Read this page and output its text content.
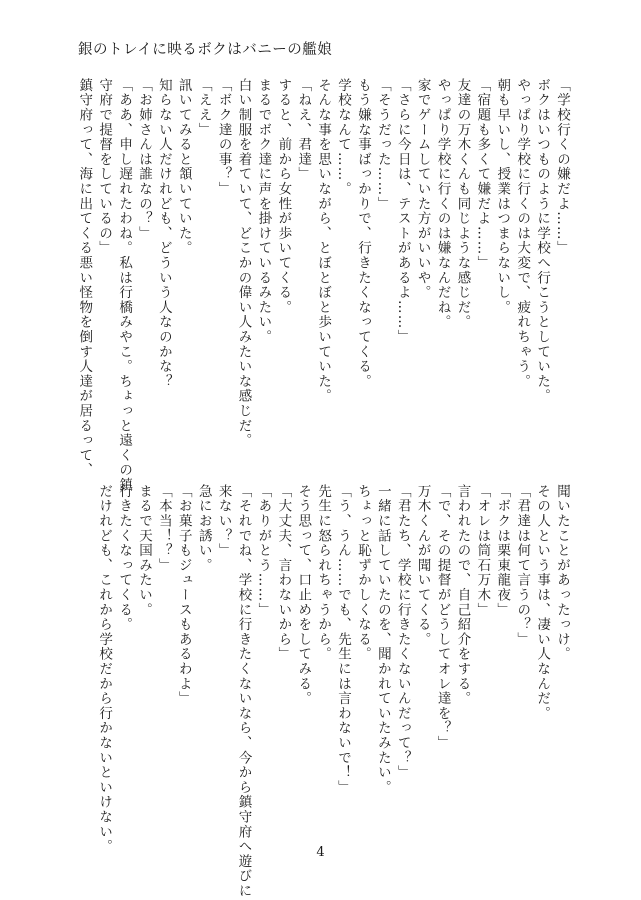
銀のトレイに映るボクはバニーの艦娘
「学校行くの嫌だよ……」
ボクはいつものように学校へ行こうとしていた。
やっぱり学校に行くのは大変で、疲れちゃう。
朝も早いし、授業はつまらないし。
「宿題も多くて嫌だよ……」
友達の万木くんも同じような感じだ。
やっぱり学校に行くのは嫌なんだね。
家でゲームしていた方がいいや。
「さらに今日は、テストがあるよ……」
「そうだった……」
もう嫌な事ばっかりで、行きたくなってくる。
学校なんて……。
そんな事を思いながら、とぼとぼと歩いていた。
「ねえ、君達」
すると、前から女性が歩いてくる。
まるでボク達に声を掛けているみたい。
白い制服を着ていて、どこかの偉い人みたいな感じだ。
「ボク達の事？」
「ええ」
訊いてみると頷いていた。
知らない人だけれども、どういう人なのかな？
「お姉さんは誰なの？」
「ああ、申し遅れたわね。私は行橋みやこ。ちょっと遠くの鎮
守府で提督をしているの」
鎮守府って、海に出てくる悪い怪物を倒す人達が居るって、
聞いたことがあったっけ。
その人という事は、凄い人なんだ。
「君達は何て言うの？」
「ボクは栗東龍夜」
「オレは筒石万木」
言われたので、自己紹介をする。
「で、その提督がどうしてオレ達を？」
万木くんが聞いてくる。
「君たち、学校に行きたくないんだって？」
一緒に話していたのを、聞かれていたみたい。
ちょっと恥ずかしくなる。
「う、うん……でも、先生には言わないで！」
先生に怒られちゃうから。
そう思って、口止めをしてみる。
「大丈夫、言わないから」
「ありがとう……」
「それでね、学校に行きたくないなら、今から鎮守府へ遊びに
来ない？」
急にお誘い。
「お菓子もジュースもあるわよ」
「本当！？」
まるで天国みたい。
行きたくなってくる。
だけれども、これから学校だから行かないといけない。	4
